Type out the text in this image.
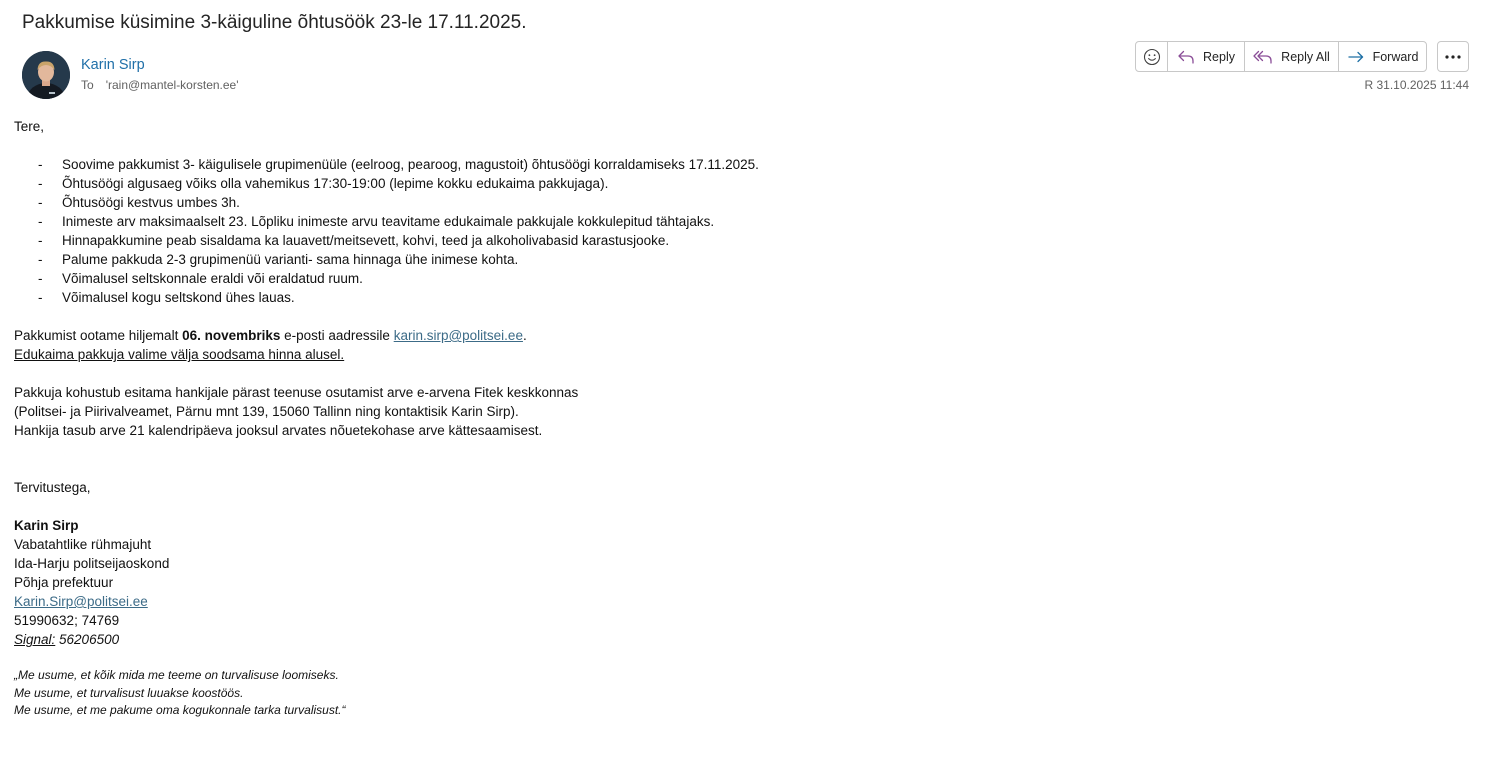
Pakkumise küsimine 3-käiguline õhtusöök 23-le 17.11.2025.
Karin Sirp
To 'rain@mantel-korsten.ee'
Reply	Reply All	Forward
R 31.10.2025 11:44

Tere,

- Soovime pakkumist 3- käigulisele grupimenüüle (eelroog, pearoog, magustoit) õhtusöögi korraldamiseks 17.11.2025.
- Õhtusöögi algusaeg võiks olla vahemikus 17:30-19:00 (lepime kokku edukaima pakkujaga).
- Õhtusöögi kestvus umbes 3h.
- Inimeste arv maksimaalselt 23. Lõpliku inimeste arvu teavitame edukaimale pakkujale kokkulepitud tähtajaks.
- Hinnapakkumine peab sisaldama ka lauavett/meitsevett, kohvi, teed ja alkoholivabasid karastusjooke.
- Palume pakkuda 2-3 grupimenüü varianti- sama hinnaga ühe inimese kohta.
- Võimalusel seltskonnale eraldi või eraldatud ruum.
- Võimalusel kogu seltskond ühes lauas.

Pakkumist ootame hiljemalt 06. novembriks e-posti aadressile karin.sirp@politsei.ee.

Edukaima pakkuja valime välja soodsama hinna alusel.

Pakkuja kohustub esitama hankijale pärast teenuse osutamist arve e-arvena Fitek keskkonnas

(Politsei- ja Piirivalveamet, Pärnu mnt 139, 15060 Tallinn ning kontaktisik Karin Sirp).

Hankija tasub arve 21 kalendripäeva jooksul arvates nõuetekohase arve kättesaamisest.

Tervitustega,

Karin Sirp

Vabatahtlike rühmajuht

Ida-Harju politseijaoskond

Põhja prefektuur

Karin.Sirp@politsei.ee

51990632; 74769

Signal: 56206500

„Me usume, et kõik mida me teeme on turvalisuse loomiseks.

Me usume, et turvalisust luuakse koostöös.

Me usume, et me pakume oma kogukonnale tarka turvalisust.“
